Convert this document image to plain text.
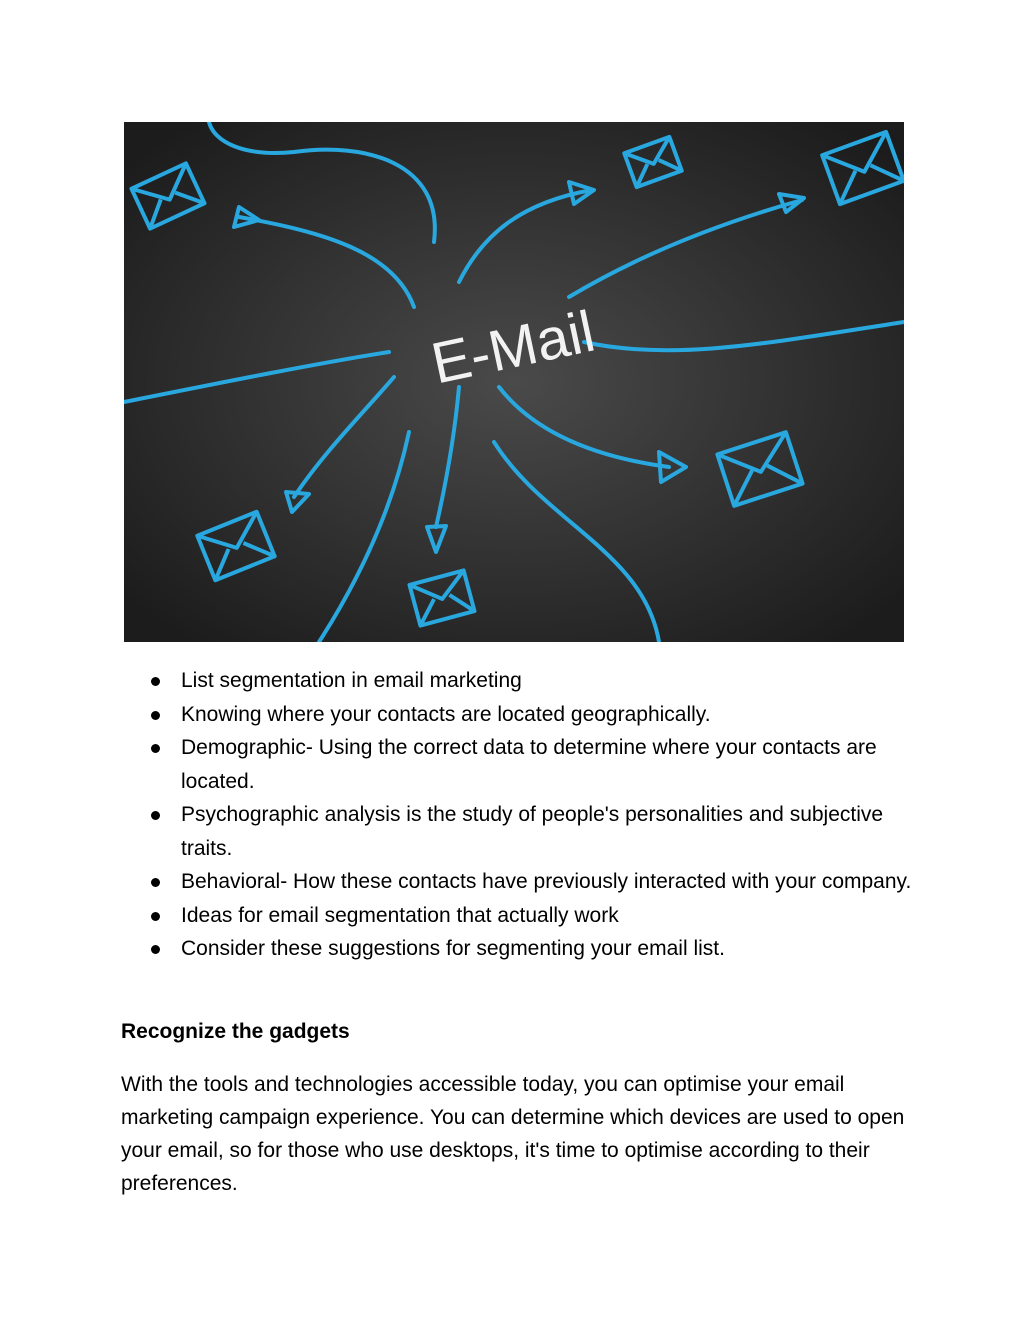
E-Mail
List segmentation in email marketing
Knowing where your contacts are located geographically.
Demographic- Using the correct data to determine where your contacts are located.
Psychographic analysis is the study of people's personalities and subjective traits.
Behavioral- How these contacts have previously interacted with your company.
Ideas for email segmentation that actually work
Consider these suggestions for segmenting your email list.
Recognize the gadgets

With the tools and technologies accessible today, you can optimise your email marketing campaign experience. You can determine which devices are used to open your email, so for those who use desktops, it's time to optimise according to their preferences.
